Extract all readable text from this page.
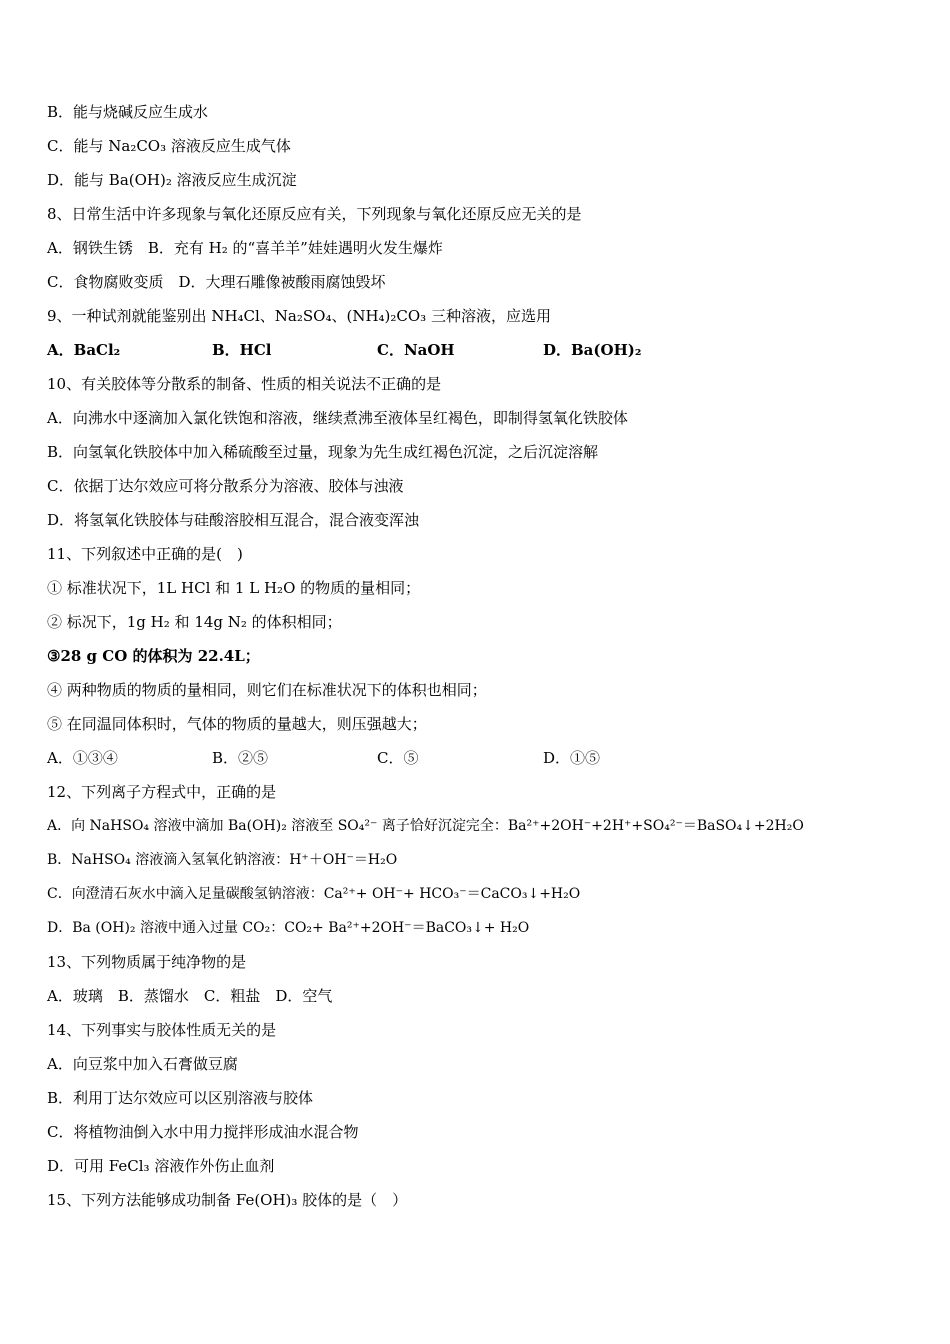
B．能与烧碱反应生成水
C．能与 Na₂CO₃ 溶液反应生成气体
D．能与 Ba(OH)₂ 溶液反应生成沉淀
8、日常生活中许多现象与氧化还原反应有关，下列现象与氧化还原反应无关的是
A．钢铁生锈　B．充有 H₂ 的“喜羊羊”娃娃遇明火发生爆炸
C．食物腐败变质　D．大理石雕像被酸雨腐蚀毁坏
9、一种试剂就能鉴别出 NH₄Cl、Na₂SO₄、(NH₄)₂CO₃ 三种溶液，应选用
A．BaCl₂	B．HCl	C．NaOH	D．Ba(OH)₂
10、有关胶体等分散系的制备、性质的相关说法不正确的是
A．向沸水中逐滴加入氯化铁饱和溶液，继续煮沸至液体呈红褐色，即制得氢氧化铁胶体
B．向氢氧化铁胶体中加入稀硫酸至过量，现象为先生成红褐色沉淀，之后沉淀溶解
C．依据丁达尔效应可将分散系分为溶液、胶体与浊液
D．将氢氧化铁胶体与硅酸溶胶相互混合，混合液变浑浊
11、下列叙述中正确的是(　)
① 标准状况下，1L HCl 和 1 L H₂O 的物质的量相同；
② 标况下，1g H₂ 和 14g N₂ 的体积相同；
③28 g CO 的体积为 22.4L；
④ 两种物质的物质的量相同，则它们在标准状况下的体积也相同；
⑤ 在同温同体积时，气体的物质的量越大，则压强越大；
A．①③④	B．②⑤	C．⑤	D．①⑤
12、下列离子方程式中，正确的是
A．向 NaHSO₄ 溶液中滴加 Ba(OH)₂ 溶液至 SO₄²⁻ 离子恰好沉淀完全：Ba²⁺+2OH⁻+2H⁺+SO₄²⁻＝BaSO₄↓+2H₂O
B．NaHSO₄ 溶液滴入氢氧化钠溶液：H⁺＋OH⁻＝H₂O
C．向澄清石灰水中滴入足量碳酸氢钠溶液：Ca²⁺+ OH⁻+ HCO₃⁻＝CaCO₃↓+H₂O
D．Ba (OH)₂ 溶液中通入过量 CO₂：CO₂+ Ba²⁺+2OH⁻＝BaCO₃↓+ H₂O
13、下列物质属于纯净物的是
A．玻璃　B．蒸馏水　C．粗盐　D．空气
14、下列事实与胶体性质无关的是
A．向豆浆中加入石膏做豆腐
B．利用丁达尔效应可以区别溶液与胶体
C．将植物油倒入水中用力搅拌形成油水混合物
D．可用 FeCl₃ 溶液作外伤止血剂
15、下列方法能够成功制备 Fe(OH)₃ 胶体的是（　）
